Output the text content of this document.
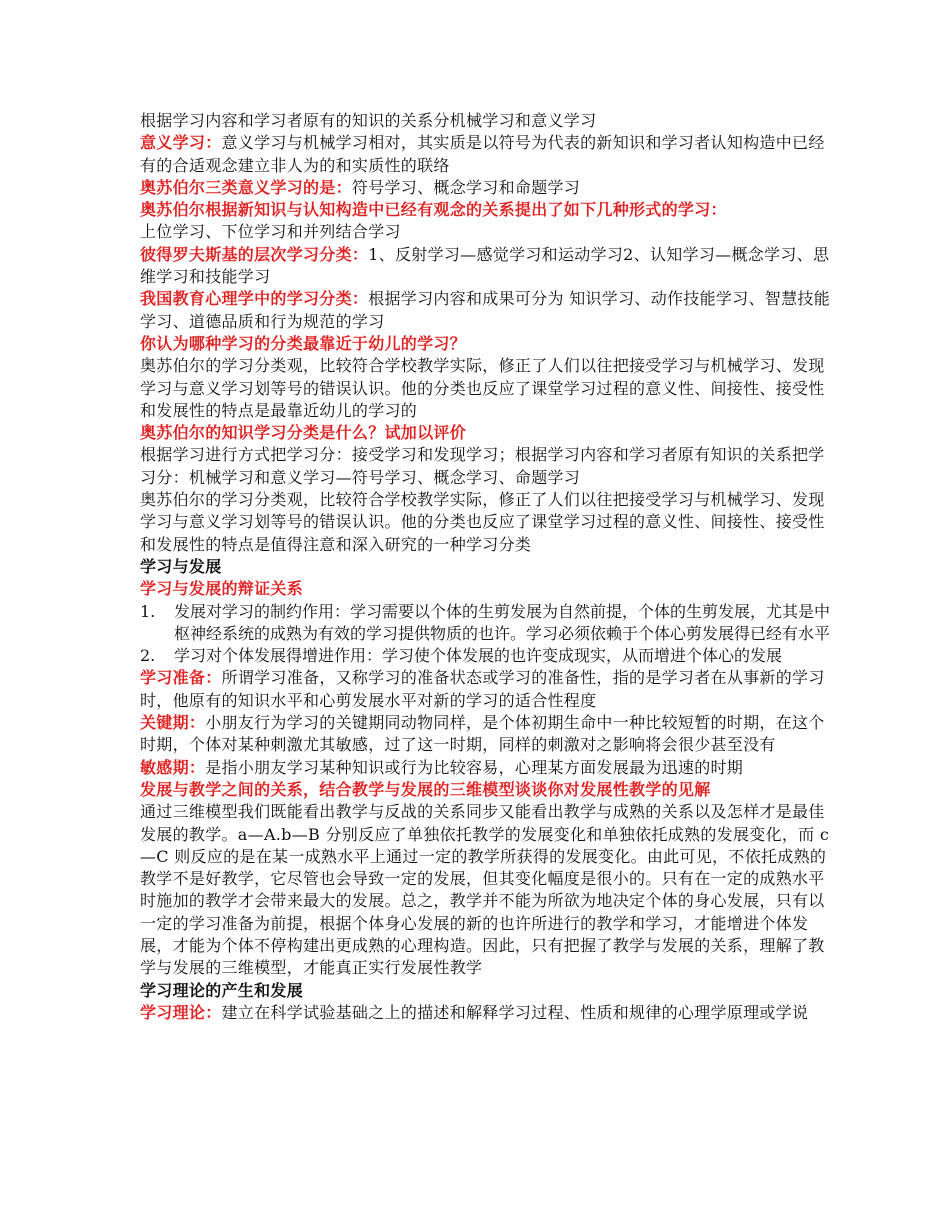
根据学习内容和学习者原有的知识的关系分机械学习和意义学习

意义学习：意义学习与机械学习相对，其实质是以符号为代表的新知识和学习者认知构造中已经有的合适观念建立非人为的和实质性的联络

奥苏伯尔三类意义学习的是：符号学习、概念学习和命题学习

奥苏伯尔根据新知识与认知构造中已经有观念的关系提出了如下几种形式的学习：

上位学习、下位学习和并列结合学习

彼得罗夫斯基的层次学习分类：1、反射学习—感觉学习和运动学习2、认知学习—概念学习、思维学习和技能学习

我国教育心理学中的学习分类：根据学习内容和成果可分为 知识学习、动作技能学习、智慧技能学习、道德品质和行为规范的学习

你认为哪种学习的分类最靠近于幼儿的学习？

奥苏伯尔的学习分类观，比较符合学校教学实际，修正了人们以往把接受学习与机械学习、发现学习与意义学习划等号的错误认识。他的分类也反应了课堂学习过程的意义性、间接性、接受性和发展性的特点是最靠近幼儿的学习的

奥苏伯尔的知识学习分类是什么？试加以评价

根据学习进行方式把学习分：接受学习和发现学习；根据学习内容和学习者原有知识的关系把学习分：机械学习和意义学习—符号学习、概念学习、命题学习

奥苏伯尔的学习分类观，比较符合学校教学实际，修正了人们以往把接受学习与机械学习、发现学习与意义学习划等号的错误认识。他的分类也反应了课堂学习过程的意义性、间接性、接受性和发展性的特点是值得注意和深入研究的一种学习分类

学习与发展

学习与发展的辩证关系

1. 发展对学习的制约作用：学习需要以个体的生剪发展为自然前提，个体的生剪发展，尤其是中枢神经系统的成熟为有效的学习提供物质的也许。学习必须依赖于个体心剪发展得已经有水平
2. 学习对个体发展得增进作用：学习使个体发展的也许变成现实，从而增进个体心的发展

学习准备：所谓学习准备，又称学习的准备状态或学习的准备性，指的是学习者在从事新的学习时，他原有的知识水平和心剪发展水平对新的学习的适合性程度

关键期：小朋友行为学习的关键期同动物同样，是个体初期生命中一种比较短暂的时期，在这个时期，个体对某种刺激尤其敏感，过了这一时期，同样的刺激对之影响将会很少甚至没有

敏感期：是指小朋友学习某种知识或行为比较容易，心理某方面发展最为迅速的时期

发展与教学之间的关系，结合教学与发展的三维模型谈谈你对发展性教学的见解

通过三维模型我们既能看出教学与反战的关系同步又能看出教学与成熟的关系以及怎样才是最佳发展的教学。a—A.b—B 分别反应了单独依托教学的发展变化和单独依托成熟的发展变化，而 c—C 则反应的是在某一成熟水平上通过一定的教学所获得的发展变化。由此可见，不依托成熟的教学不是好教学，它尽管也会导致一定的发展，但其变化幅度是很小的。只有在一定的成熟水平时施加的教学才会带来最大的发展。总之，教学并不能为所欲为地决定个体的身心发展，只有以一定的学习准备为前提，根据个体身心发展的新的也许所进行的教学和学习，才能增进个体发展，才能为个体不停构建出更成熟的心理构造。因此，只有把握了教学与发展的关系，理解了教学与发展的三维模型，才能真正实行发展性教学

学习理论的产生和发展

学习理论：建立在科学试验基础之上的描述和解释学习过程、性质和规律的心理学原理或学说
